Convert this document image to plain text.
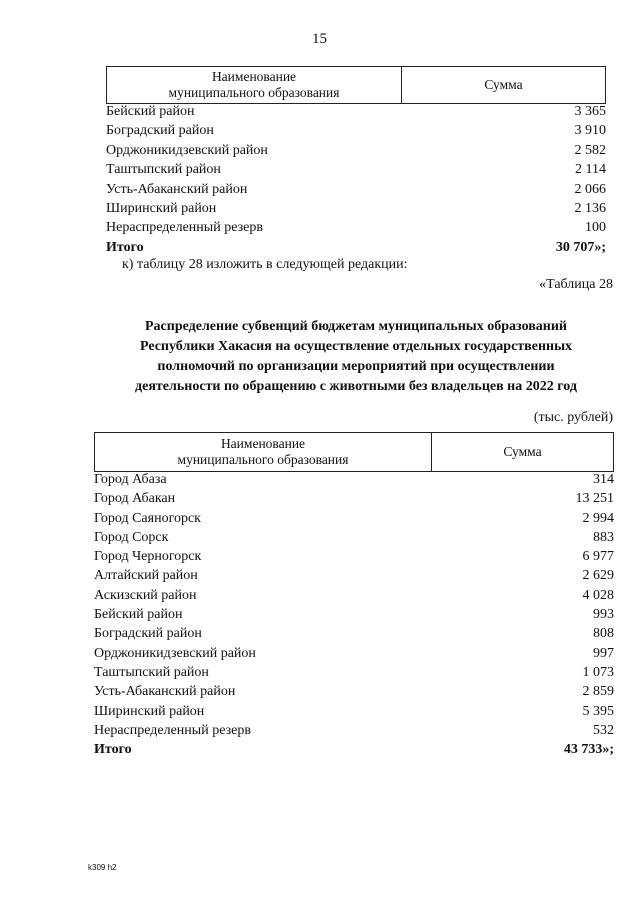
15
Наименование
муниципального образования
Сумма
Бейский район	3 365
Боградский район	3 910
Орджоникидзевский район	2 582
Таштыпский район	2 114
Усть-Абаканский район	2 066
Ширинский район	2 136
Нераспределенный резерв	100
Итого	30 707»;
к) таблицу 28 изложить в следующей редакции:
«Таблица 28
Распределение субвенций бюджетам муниципальных образований
Республики Хакасия на осуществление отдельных государственных
полномочий по организации мероприятий при осуществлении
деятельности по обращению с животными без владельцев на 2022 год
(тыс. рублей)
Наименование
муниципального образования
Сумма
Город Абаза	314
Город Абакан	13 251
Город Саяногорск	2 994
Город Сорск	883
Город Черногорск	6 977
Алтайский район	2 629
Аскизский район	4 028
Бейский район	993
Боградский район	808
Орджоникидзевский район	997
Таштыпский район	1 073
Усть-Абаканский район	2 859
Ширинский район	5 395
Нераспределенный резерв	532
Итого	43 733»;
k309 h2
